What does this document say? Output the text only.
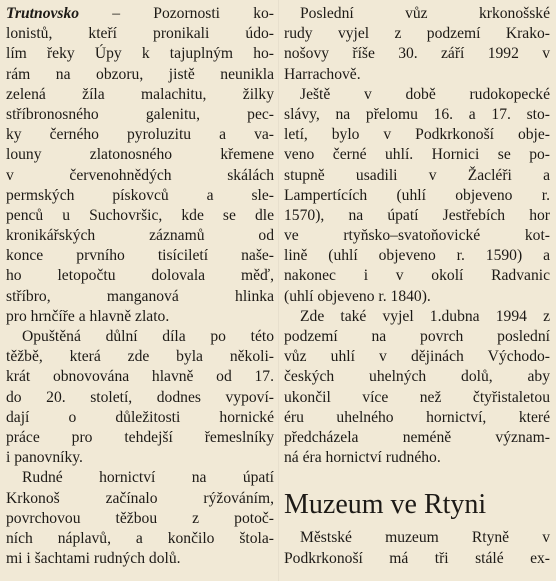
Trutnovsko – Pozornosti ko-
lonistů, kteří pronikali údo-
lím řeky Úpy k tajuplným ho-
rám na obzoru, jistě neunikla
zelená žíla malachitu, žilky
stříbronosného galenitu, pec-
ky černého pyroluzitu a va-
louny zlatonosného křemene
v červenohnědých skálách
permských pískovců a sle-
penců u Suchovršic, kde se dle
kronikářských záznamů od
konce prvního tisíciletí naše-
ho letopočtu dolovala měď,
stříbro, manganová hlinka
pro hrnčíře a hlavně zlato.
Opuštěná důlní díla po této
těžbě, která zde byla několi-
krát obnovována hlavně od 17.
do 20. století, dodnes vypoví-
dají o důležitosti hornické
práce pro tehdejší řemeslníky
i panovníky.
Rudné hornictví na úpatí
Krkonoš začínalo rýžováním,
povrchovou těžbou z potoč-
ních náplavů, a končilo štola-
mi i šachtami rudných dolů.
Poslední vůz krkonošské
rudy vyjel z podzemí Krako-
nošovy říše 30. září 1992 v
Harrachově.
Ještě v době rudokopecké
slávy, na přelomu 16. a 17. sto-
letí, bylo v Podkrkonoší obje-
veno černé uhlí. Hornici se po-
stupně usadili v Žacléři a
Lampertících (uhlí objeveno r.
1570), na úpatí Jestřebích hor
ve rtyňsko–svatoňovické kot-
lině (uhlí objeveno r. 1590) a
nakonec i v okolí Radvanic
(uhlí objeveno r. 1840).
Zde také vyjel 1.dubna 1994 z
podzemí na povrch poslední
vůz uhlí v dějinách Východo-
českých uhelných dolů, aby
ukončil více než čtyřistaletou
éru uhelného hornictví, které
předcházela neméně význam-
ná éra hornictví rudného.
Muzeum ve Rtyni
Městské muzeum Rtyně v
Podkrkonoší má tři stálé ex-
